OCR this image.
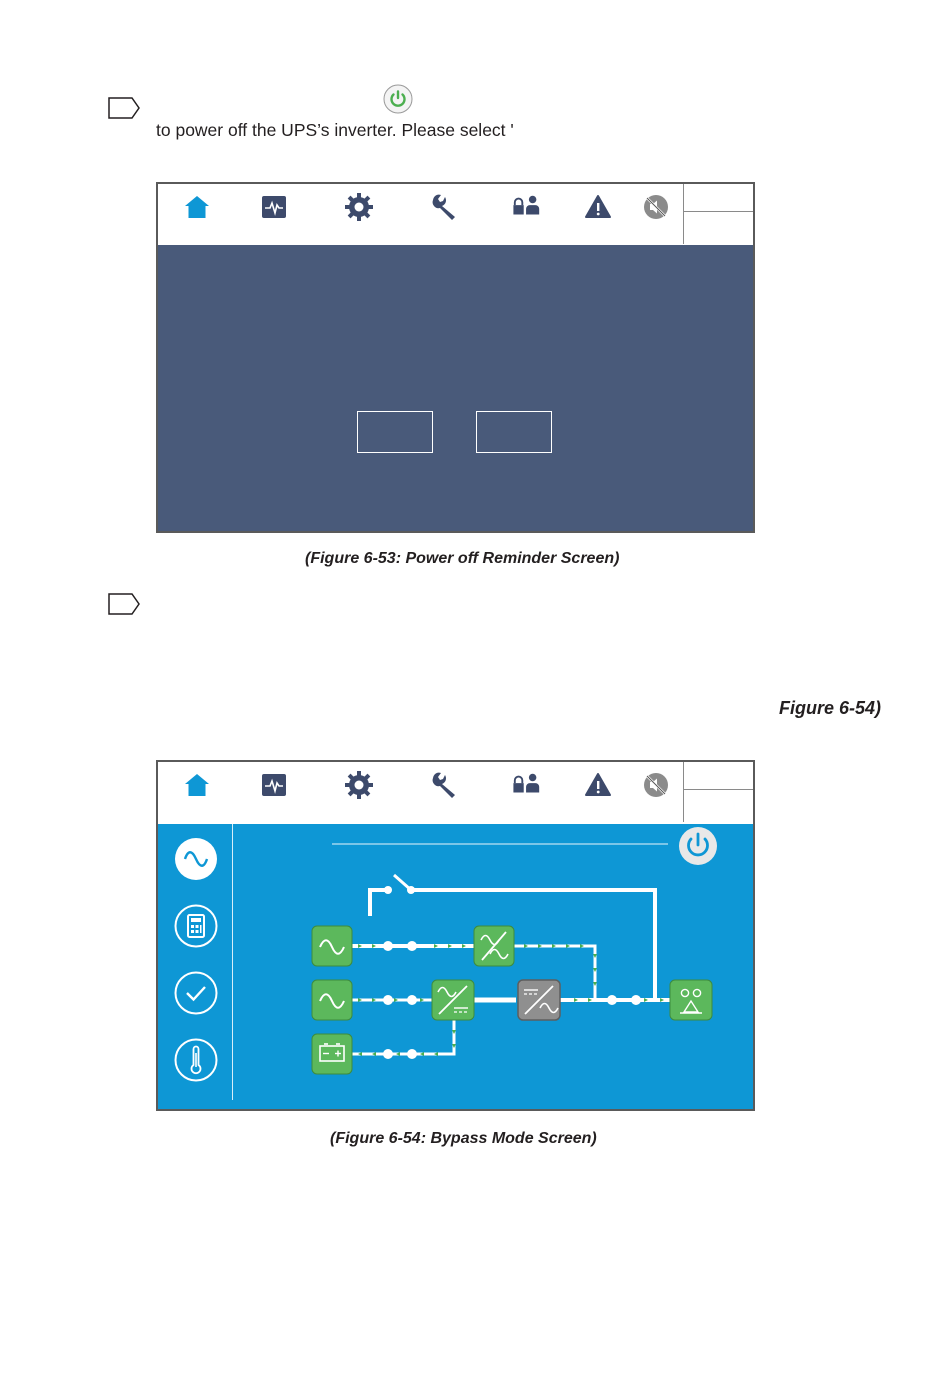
to power off the UPS’s inverter. Please select '
(Figure 6-53: Power off Reminder Screen)
Figure 6-54)
(Figure 6-54: Bypass Mode Screen)
